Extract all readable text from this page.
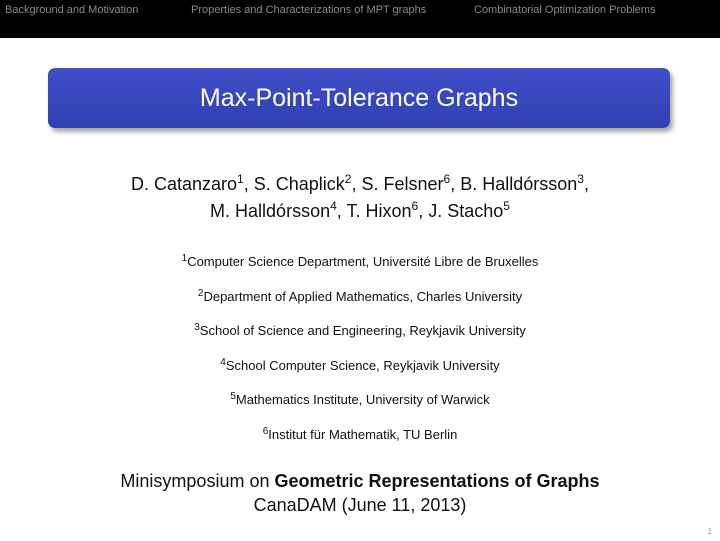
Background and Motivation	Properties and Characterizations of MPT graphs	Combinatorial Optimization Problems
Max-Point-Tolerance Graphs
D. Catanzaro$^1$, S. Chaplick$^2$, S. Felsner$^6$, B. Halldórsson$^3$,
M. Halldórsson$^4$, T. Hixon$^6$, J. Stacho$^5$
$^1$Computer Science Department, Université Libre de Bruxelles
$^2$Department of Applied Mathematics, Charles University
$^3$School of Science and Engineering, Reykjavik University
$^4$School Computer Science, Reykjavik University
$^5$Mathematics Institute, University of Warwick
$^6$Institut für Mathematik, TU Berlin
Minisymposium on Geometric Representations of Graphs
CanaDAM (June 11, 2013)
1
